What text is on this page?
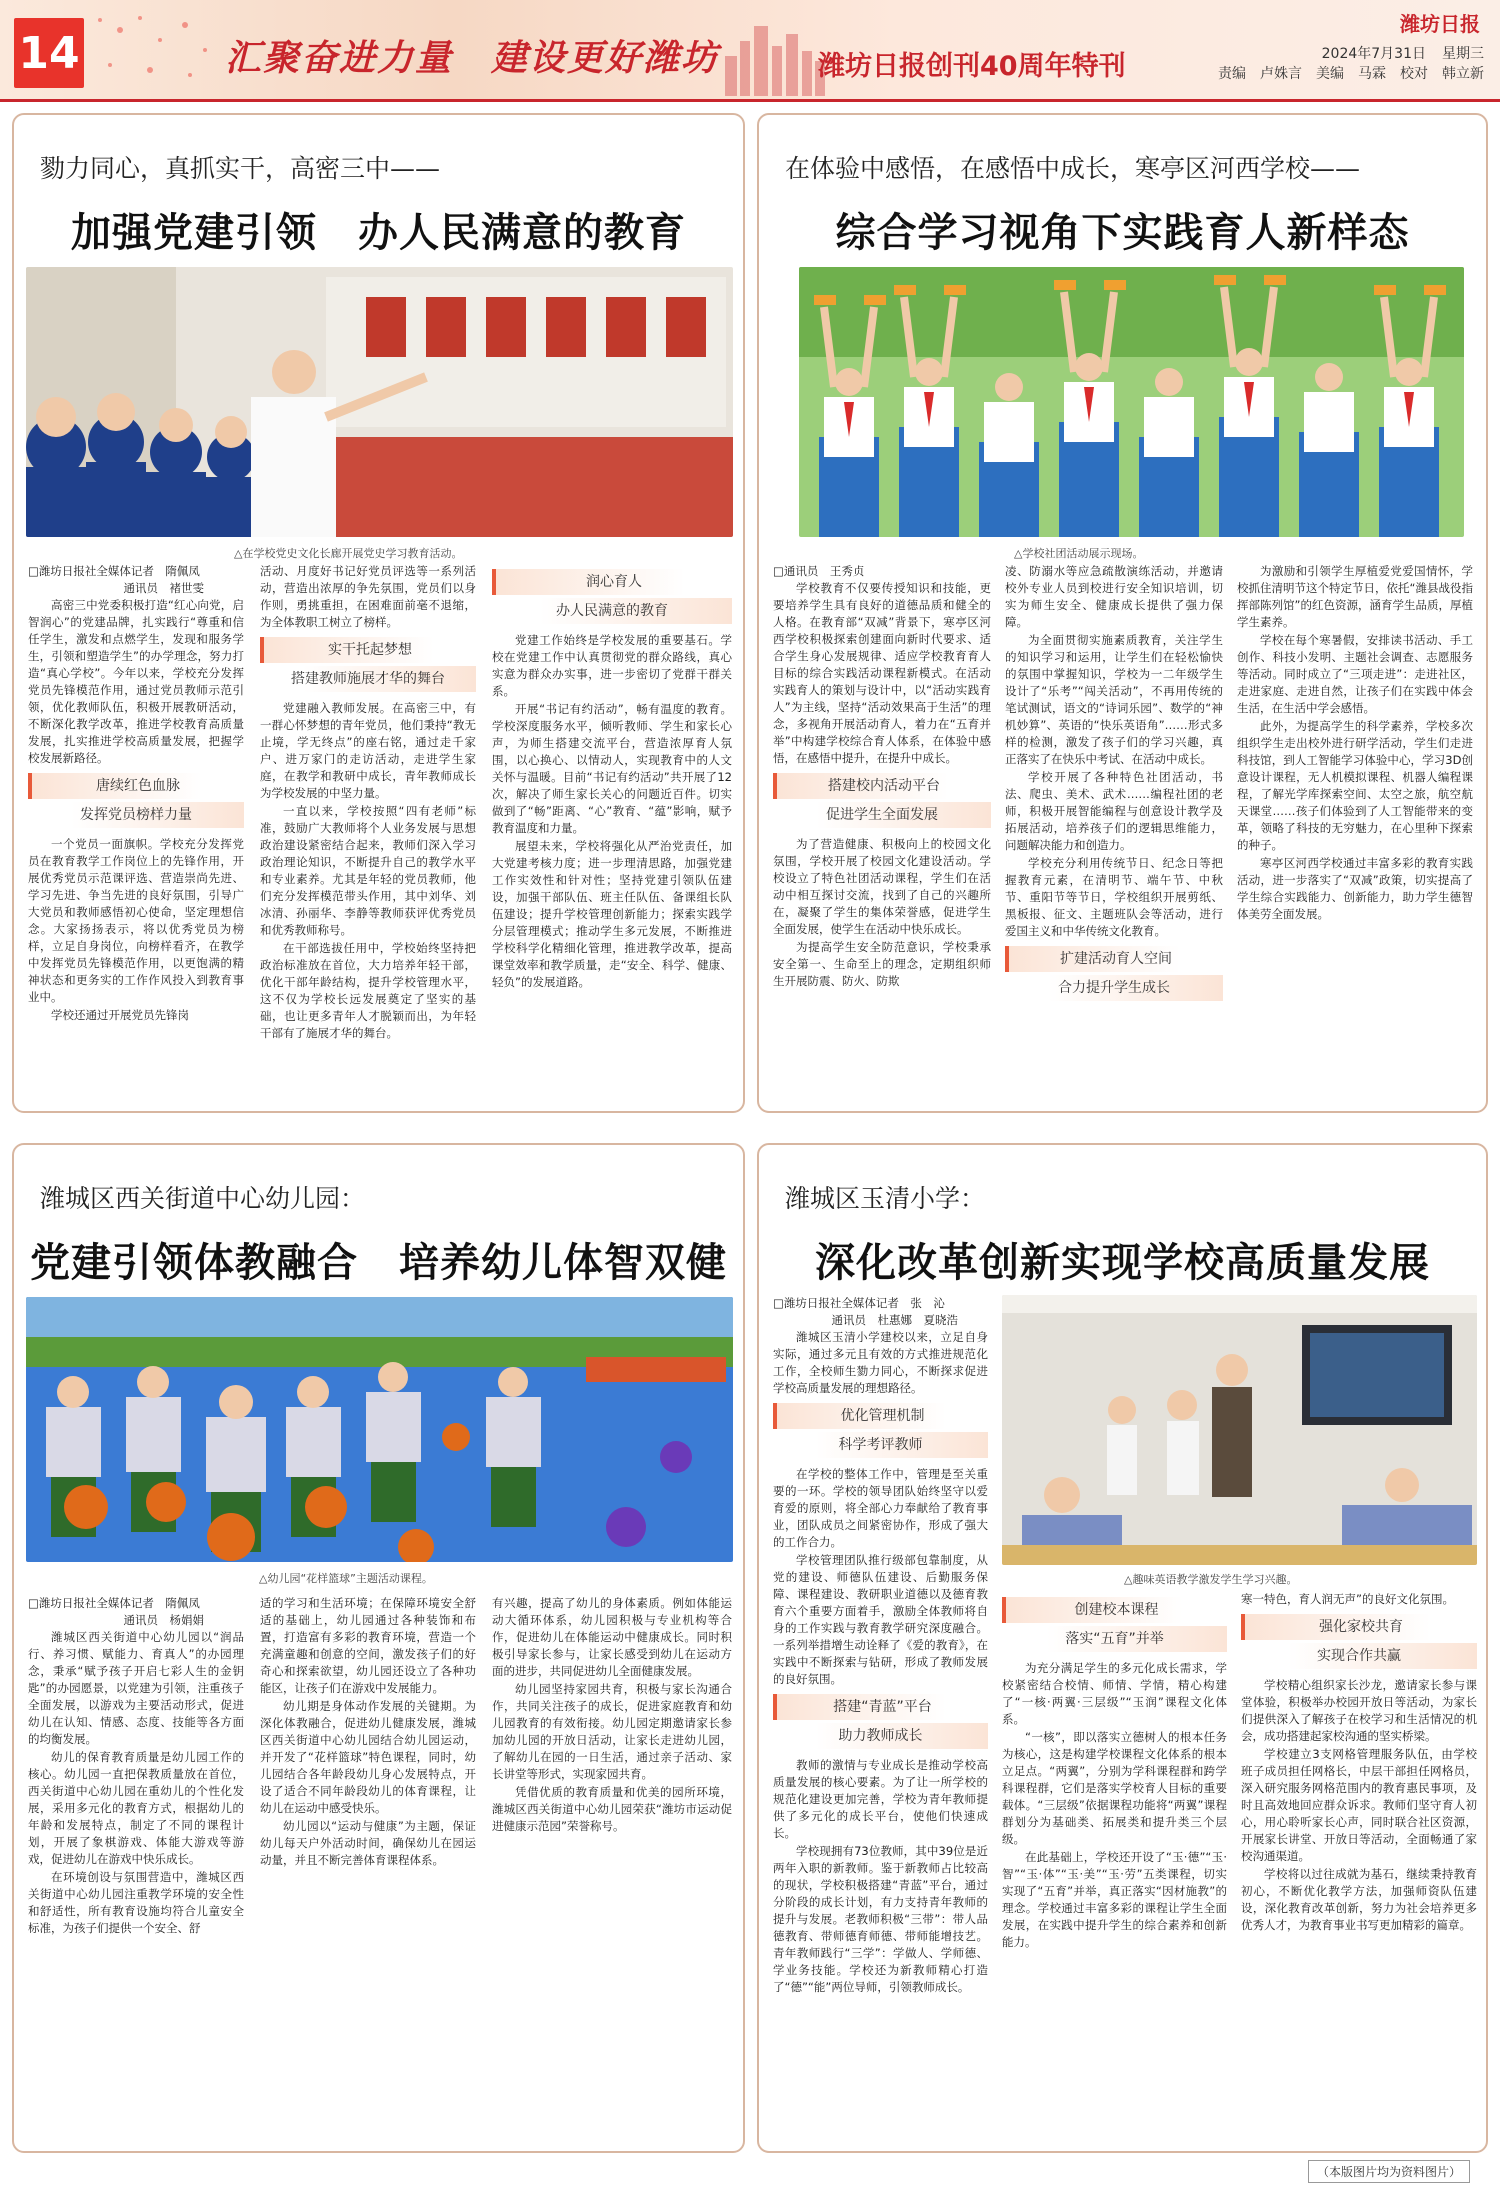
14	汇聚奋进力量　建设更好潍坊	潍坊日报创刊40周年特刊
潍坊日报
2024年7月31日 星期三
责编　卢姝言　美编　马霖　校对　韩立新
勠力同心，真抓实干，高密三中——
加强党建引领　办人民满意的教育
△在学校党史文化长廊开展党史学习教育活动。
□潍坊日报社全媒体记者　隋佩凤
通讯员　褚世雯

高密三中党委积极打造“红心向党，启智润心”的党建品牌，扎实践行“尊重和信任学生，激发和点燃学生，发现和服务学生，引领和塑造学生”的办学理念，努力打造“真心学校”。今年以来，学校充分发挥党员先锋模范作用，通过党员教师示范引领，优化教师队伍，积极开展教研活动，不断深化教学改革，推进学校教育高质量发展，扎实推进学校高质量发展，把握学校发展新路径。

唐续红色血脉
发挥党员榜样力量

一个党员一面旗帜。学校充分发挥党员在教育教学工作岗位上的先锋作用，开展优秀党员示范课评选、营造崇尚先进、学习先进、争当先进的良好氛围，引导广大党员和教师感悟初心使命，坚定理想信念。大家扬扬表示，将以优秀党员为榜样，立足自身岗位，向榜样看齐，在教学中发挥党员先锋模范作用，以更饱满的精神状态和更务实的工作作风投入到教育事业中。

学校还通过开展党员先锋岗

活动、月度好书记好党员评选等一系列活动，营造出浓厚的争先氛围，党员们以身作则，勇挑重担，在困难面前毫不退缩，为全体教职工树立了榜样。

实干托起梦想
搭建教师施展才华的舞台

党建融入教师发展。在高密三中，有一群心怀梦想的青年党员，他们秉持“教无止境，学无终点”的座右铭，通过走千家户、进万家门的走访活动，走进学生家庭，在教学和教研中成长，青年教师成长为学校发展的中坚力量。

一直以来，学校按照“四有老师”标准，鼓励广大教师将个人业务发展与思想政治建设紧密结合起来，教师们深入学习政治理论知识，不断提升自己的教学水平和专业素养。尤其是年轻的党员教师，他们充分发挥模范带头作用，其中刘华、刘冰清、孙丽华、李静等教师获评优秀党员和优秀教师称号。

在干部选拔任用中，学校始终坚持把政治标准放在首位，大力培养年轻干部，优化干部年龄结构，提升学校管理水平，这不仅为学校长远发展奠定了坚实的基础，也让更多青年人才脱颖而出，为年轻干部有了施展才华的舞台。

润心育人
办人民满意的教育

党建工作始终是学校发展的重要基石。学校在党建工作中认真贯彻党的群众路线，真心实意为群众办实事，进一步密切了党群干群关系。

开展“书记有约活动”，畅有温度的教育。学校深度服务水平，倾听教师、学生和家长心声，为师生搭建交流平台，营造浓厚育人氛围，以心换心、以情动人，实现教育中的人文关怀与温暖。目前“书记有约活动”共开展了12次，解决了师生家长关心的问题近百件。切实做到了“畅”距离、“心”教育、“蕴”影响，赋予教育温度和力量。

展望未来，学校将强化从严治党责任，加大党建考核力度；进一步理清思路，加强党建工作实效性和针对性；坚持党建引领队伍建设，加强干部队伍、班主任队伍、备课组长队伍建设；提升学校管理创新能力；探索实践学分层管理模式；推动学生多元发展，不断推进学校科学化精细化管理，推进教学改革，提高课堂效率和教学质量，走“安全、科学、健康、轻负”的发展道路。

在体验中感悟，在感悟中成长，寒亭区河西学校——
综合学习视角下实践育人新样态
△学校社团活动展示现场。
□通讯员　王秀贞

学校教育不仅要传授知识和技能，更要培养学生具有良好的道德品质和健全的人格。在教育部“双减”背景下，寒亭区河西学校积极探索创建面向新时代要求、适合学生身心发展规律、适应学校教育育人目标的综合实践活动课程新模式。在活动实践育人的策划与设计中，以“活动实践育人”为主线，坚持“活动效果高于生活”的理念，多视角开展活动育人，着力在“五育并举”中构建学校综合育人体系，在体验中感悟，在感悟中提升，在提升中成长。

搭建校内活动平台
促进学生全面发展

为了营造健康、积极向上的校园文化氛围，学校开展了校园文化建设活动。学校设立了特色社团活动课程，学生们在活动中相互探讨交流，找到了自己的兴趣所在，凝聚了学生的集体荣誉感，促进学生全面发展，使学生在活动中快乐成长。

为提高学生安全防范意识，学校秉承安全第一、生命至上的理念，定期组织师生开展防震、防火、防欺

凌、防溺水等应急疏散演练活动，并邀请校外专业人员到校进行安全知识培训，切实为师生安全、健康成长提供了强力保障。

为全面贯彻实施素质教育，关注学生的知识学习和运用，让学生们在轻松愉快的氛围中掌握知识，学校为一二年级学生设计了“乐考”“闯关活动”，不再用传统的笔试测试，语文的“诗词乐园”、数学的“神机妙算”、英语的“快乐英语角”……形式多样的检测，激发了孩子们的学习兴趣，真正落实了在快乐中考试、在活动中成长。

学校开展了各种特色社团活动，书法、爬虫、美术、武术……编程社团的老师，积极开展智能编程与创意设计教学及拓展活动，培养孩子们的逻辑思维能力，问题解决能力和创造力。

学校充分利用传统节日、纪念日等把握教育元素，在清明节、端午节、中秋节、重阳节等节日，学校组织开展剪纸、黑板报、征文、主题班队会等活动，进行爱国主义和中华传统文化教育。

扩建活动育人空间
合力提升学生成长

为激励和引领学生厚植爱党爱国情怀，学校抓住清明节这个特定节日，依托“潍县战役指挥部陈列馆”的红色资源，涵育学生品质，厚植学生素养。

学校在每个寒暑假，安排读书活动、手工创作、科技小发明、主题社会调查、志愿服务等活动。同时成立了“三项走进”：走进社区，走进家庭、走进自然，让孩子们在实践中体会生活，在生活中学会感悟。

此外，为提高学生的科学素养，学校多次组织学生走出校外进行研学活动，学生们走进科技馆，到人工智能学习体验中心，学习3D创意设计课程，无人机模拟课程、机器人编程课程，了解光学库探索空间、太空之旅，航空航天课堂……孩子们体验到了人工智能带来的变革，领略了科技的无穷魅力，在心里种下探索的种子。

寒亭区河西学校通过丰富多彩的教育实践活动，进一步落实了“双减”政策，切实提高了学生综合实践能力、创新能力，助力学生德智体美劳全面发展。

潍城区西关街道中心幼儿园：
党建引领体教融合　培养幼儿体智双健
△幼儿园“花样篮球”主题活动课程。
□潍坊日报社全媒体记者　隋佩凤
通讯员　杨娟娟

潍城区西关街道中心幼儿园以“润品行、养习惯、赋能力、育真人”的办园理念，秉承“赋予孩子开启七彩人生的金钥匙”的办园愿景，以党建为引领，注重孩子全面发展，以游戏为主要活动形式，促进幼儿在认知、情感、态度、技能等各方面的均衡发展。

幼儿的保育教育质量是幼儿园工作的核心。幼儿园一直把保教质量放在首位，西关街道中心幼儿园在重幼儿的个性化发展，采用多元化的教育方式，根据幼儿的年龄和发展特点，制定了不同的课程计划，开展了象棋游戏、体能大游戏等游戏，促进幼儿在游戏中快乐成长。

在环境创设与氛围营造中，潍城区西关街道中心幼儿园注重教学环境的安全性和舒适性，所有教育设施均符合儿童安全标准，为孩子们提供一个安全、舒

适的学习和生活环境；在保障环境安全舒适的基础上，幼儿园通过各种装饰和布置，打造富有多彩的教育环境，营造一个充满童趣和创意的空间，激发孩子们的好奇心和探索欲望，幼儿园还设立了各种功能区，让孩子们在游戏中发展能力。

幼儿期是身体动作发展的关键期。为深化体教融合，促进幼儿健康发展，潍城区西关街道中心幼儿园结合幼儿园运动，并开发了“花样篮球”特色课程，同时，幼儿园结合各年龄段幼儿身心发展特点，开设了适合不同年龄段幼儿的体育课程，让幼儿在运动中感受快乐。

幼儿园以“运动与健康”为主题，保证幼儿每天户外活动时间，确保幼儿在园运动量，并且不断完善体育课程体系。

有兴趣，提高了幼儿的身体素质。例如体能运动大循环体系，幼儿园积极与专业机构等合作，促进幼儿在体能运动中健康成长。同时积极引导家长参与，让家长感受到幼儿在运动方面的进步，共同促进幼儿全面健康发展。

幼儿园坚持家园共育，积极与家长沟通合作，共同关注孩子的成长，促进家庭教育和幼儿园教育的有效衔接。幼儿园定期邀请家长参加幼儿园的开放日活动，让家长走进幼儿园，了解幼儿在园的一日生活，通过亲子活动、家长讲堂等形式，实现家园共育。

凭借优质的教育质量和优美的园所环境，潍城区西关街道中心幼儿园荣获“潍坊市运动促进健康示范园”荣誉称号。

潍城区玉清小学：
深化改革创新实现学校高质量发展
□潍坊日报社全媒体记者　张　沁
通讯员　杜惠娜　夏晓浩

潍城区玉清小学建校以来，立足自身实际，通过多元且有效的方式推进规范化工作，全校师生勠力同心，不断探求促进学校高质量发展的理想路径。

优化管理机制
科学考评教师

在学校的整体工作中，管理是至关重要的一环。学校的领导团队始终坚守以爱育爱的原则，将全部心力奉献给了教育事业，团队成员之间紧密协作，形成了强大的工作合力。

学校管理团队推行级部包靠制度，从党的建设、师德队伍建设、后勤服务保障、课程建设、教研职业道德以及德育教育六个重要方面着手，激励全体教师将自身的工作实践与教育教学研究深度融合。一系列举措增生动诠释了《爱的教育》，在实践中不断探索与钻研，形成了教师发展的良好氛围。

搭建“青蓝”平台
助力教师成长

教师的激情与专业成长是推动学校高质量发展的核心要素。为了让一所学校的规范化建设更加完善，学校为青年教师提供了多元化的成长平台，使他们快速成长。

学校现拥有73位教师，其中39位是近两年入职的新教师。鉴于新教师占比较高的现状，学校积极搭建“青蓝”平台，通过分阶段的成长计划，有力支持青年教师的提升与发展。老教师积极“三带”：带人品德教育、带师德育师德、带师能增技艺。青年教师践行“三学”：学做人、学师德、学业务技能。学校还为新教师精心打造了“德”“能”两位导师，引领教师成长。

△趣味英语教学激发学生学习兴趣。
创建校本课程
落实“五育”并举

为充分满足学生的多元化成长需求，学校紧密结合校情、师情、学情，精心构建了“一核·两翼·三层级”“玉润”课程文化体系。

“一核”，即以落实立德树人的根本任务为核心，这是构建学校课程文化体系的根本立足点。“两翼”，分别为学科课程群和跨学科课程群，它们是落实学校育人目标的重要载体。“三层级”依据课程功能将“两翼”课程群划分为基础类、拓展类和提升类三个层级。

在此基础上，学校还开设了“玉·德”“玉·智”“玉·体”“玉·美”“玉·劳”五类课程，切实实现了“五育”并举，真正落实“因材施教”的理念。学校通过丰富多彩的课程让学生全面发展，在实践中提升学生的综合素养和创新能力。

寒一特色，育人润无声”的良好文化氛围。

强化家校共育
实现合作共赢

学校精心组织家长沙龙，邀请家长参与课堂体验，积极举办校园开放日等活动，为家长们提供深入了解孩子在校学习和生活情况的机会，成功搭建起家校沟通的坚实桥梁。

学校建立3支网格管理服务队伍，由学校班子成员担任网格长，中层干部担任网格员，深入研究服务网格范围内的教育惠民事项，及时且高效地回应群众诉求。教师们坚守育人初心，用心聆听家长心声，同时联合社区资源，开展家长讲堂、开放日等活动，全面畅通了家校沟通渠道。

学校将以过往成就为基石，继续秉持教育初心，不断优化教学方法，加强师资队伍建设，深化教育改革创新，努力为社会培养更多优秀人才，为教育事业书写更加精彩的篇章。

（本版图片均为资料图片）
